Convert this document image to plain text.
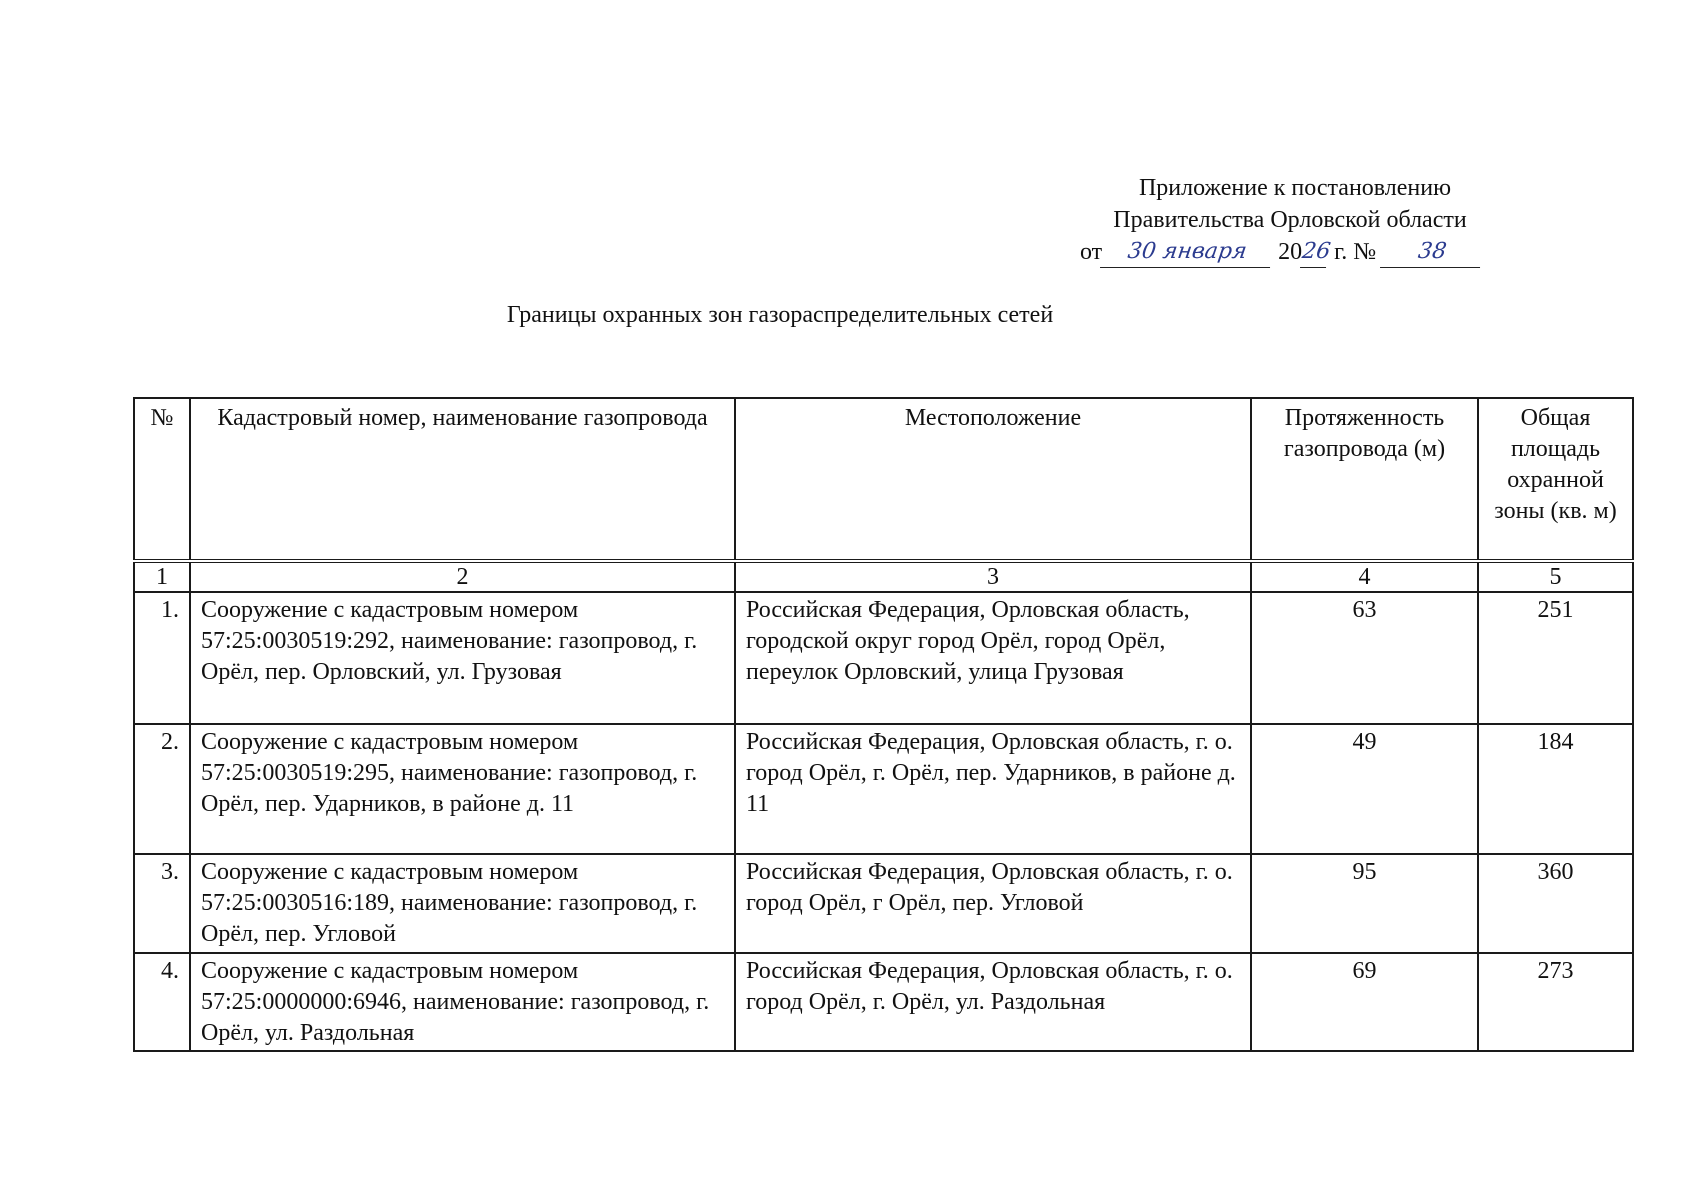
Приложение к постановлению
Правительства Орловской области
от 30 января 2026 г. № 38
Границы охранных зон газораспределительных сетей
№	Кадастровый номер, наименование газопровода	Местоположение	Протяженность газопровода (м)	Общая площадь охранной зоны (кв. м)
1	2	3	4	5
1.	Сооружение с кадастровым номером 57:25:0030519:292, наименование: газопровод, г. Орёл, пер. Орловский, ул. Грузовая	Российская Федерация, Орловская область, городской округ город Орёл, город Орёл, переулок Орловский, улица Грузовая	63	251
2.	Сооружение с кадастровым номером 57:25:0030519:295, наименование: газопровод, г. Орёл, пер. Ударников, в районе д. 11	Российская Федерация, Орловская область, г. о. город Орёл, г. Орёл, пер. Ударников, в районе д. 11	49	184
3.	Сооружение с кадастровым номером 57:25:0030516:189, наименование: газопровод, г. Орёл, пер. Угловой	Российская Федерация, Орловская область, г. о. город Орёл, г Орёл, пер. Угловой	95	360
4.	Сооружение с кадастровым номером 57:25:0000000:6946, наименование: газопровод, г. Орёл, ул. Раздольная	Российская Федерация, Орловская область, г. о. город Орёл, г. Орёл, ул. Раздольная	69	273
